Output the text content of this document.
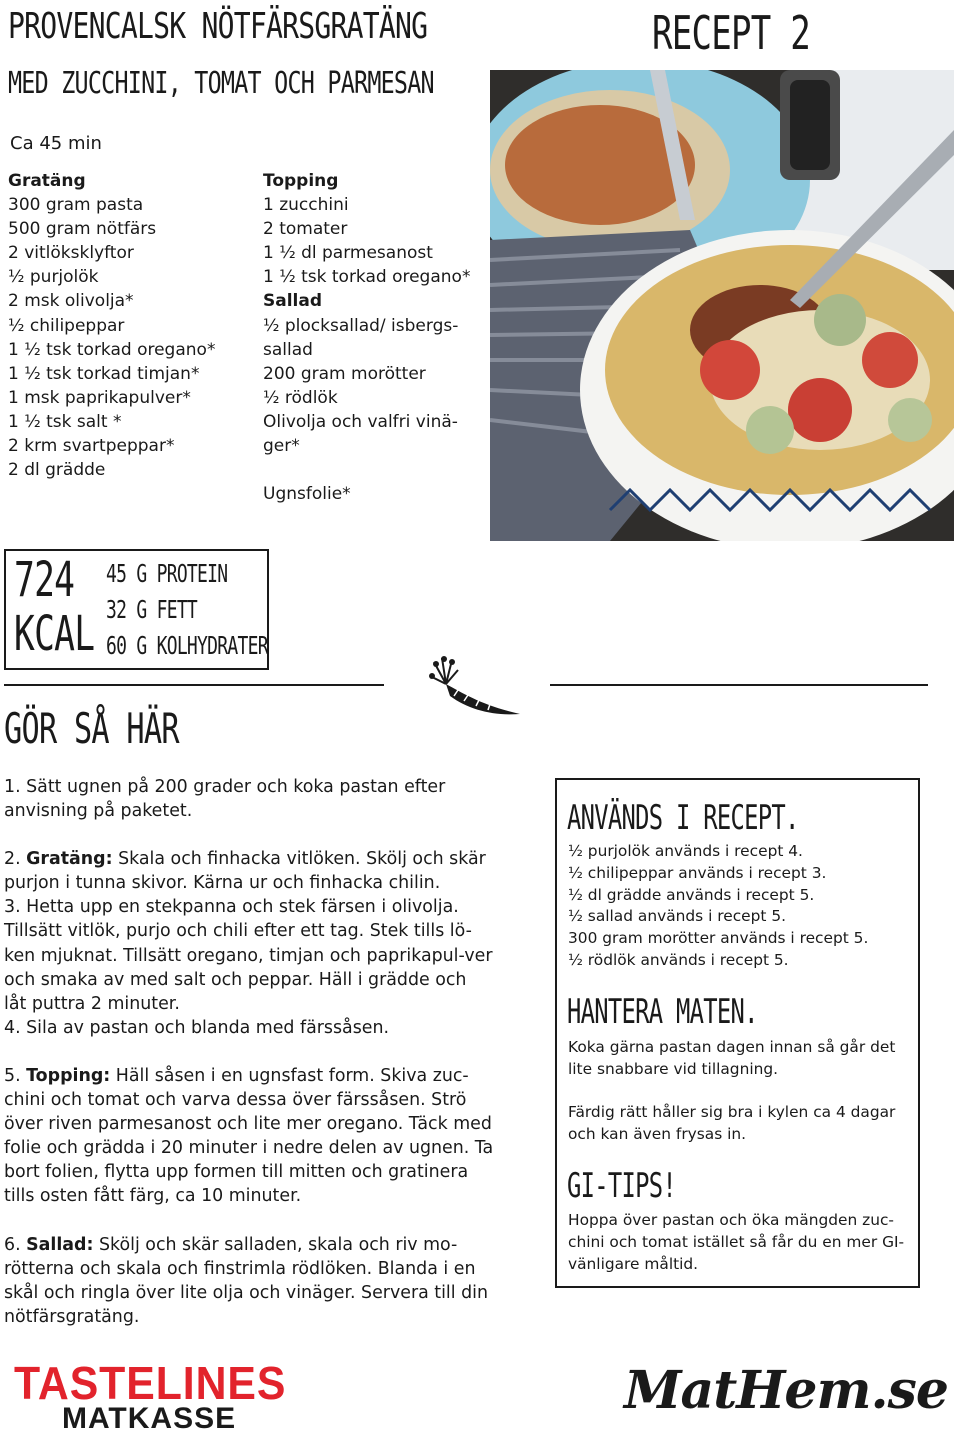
PROVENCALSK NÖTFÄRSGRATÄNG
MED ZUCCHINI, TOMAT OCH PARMESAN
RECEPT 2
Ca 45 min
Gratäng
300 gram pasta
500 gram nötfärs
2 vitlöksklyftor
½ purjolök
2 msk olivolja*
½ chilipeppar
1 ½ tsk torkad oregano*
1 ½ tsk torkad timjan*
1 msk paprikapulver*
1 ½ tsk salt *
2 krm svartpeppar*
2 dl grädde
Topping
1 zucchini
2 tomater
1 ½ dl parmesanost
1 ½ tsk torkad oregano*
Sallad
½ plocksallad/ isbergs-
sallad
200 gram morötter
½ rödlök
Olivolja och valfri vinä-
ger*
Ugnsfolie*
724
KCAL
45 G PROTEIN
32 G FETT
60 G KOLHYDRATER
GÖR SÅ HÄR

1. Sätt ugnen på 200 grader och koka pastan efter anvisning på paketet.

2. Gratäng: Skala och finhacka vitlöken. Skölj och skär purjon i tunna skivor. Kärna ur och finhacka chilin.

3. Hetta upp en stekpanna och stek färsen i olivolja. Tillsätt vitlök, purjo och chili efter ett tag. Stek tills lö-ken mjuknat. Tillsätt oregano, timjan och paprikapul-ver och smaka av med salt och peppar. Häll i grädde och låt puttra 2 minuter.

4. Sila av pastan och blanda med färssåsen.

5. Topping: Häll såsen i en ugnsfast form. Skiva zuc-chini och tomat och varva dessa över färssåsen. Strö över riven parmesanost och lite mer oregano. Täck med folie och grädda i 20 minuter i nedre delen av ugnen. Ta bort folien, flytta upp formen till mitten och gratinera tills osten fått färg, ca 10 minuter.

6. Sallad: Skölj och skär salladen, skala och riv mo-rötterna och skala och finstrimla rödlöken. Blanda i en skål och ringla över lite olja och vinäger. Servera till din nötfärsgratäng.

ANVÄNDS I RECEPT.
½ purjolök används i recept 4.
½ chilipeppar används i recept 3.
½ dl grädde används i recept 5.
½ sallad används i recept 5.
300 gram morötter används i recept 5.
½ rödlök används i recept 5.
HANTERA MATEN.
Koka gärna pastan dagen innan så går det lite snabbare vid tillagning.
Färdig rätt håller sig bra i kylen ca 4 dagar och kan även frysas in.
GI-TIPS!
Hoppa över pastan och öka mängden zuc-chini och tomat istället så får du en mer GI- vänligare måltid.
TASTELINES
MATKASSE	MatHem.se
